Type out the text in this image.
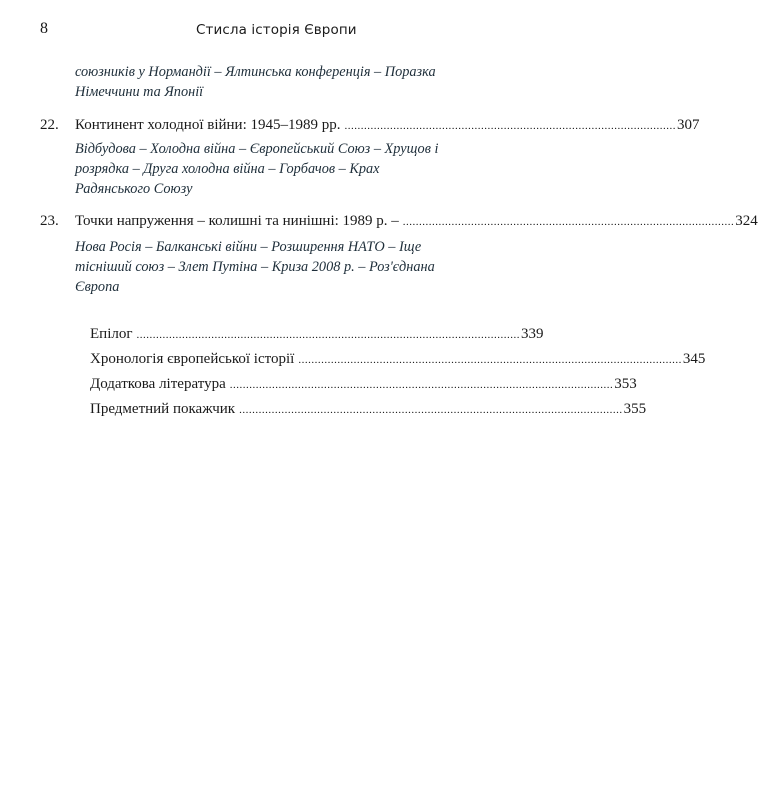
8	Стисла історія Європи
союзників у Нормандії – Ялтинська конференція – Поразка Німеччини та Японії
22. Континент холодної війни: 1945–1989 рр. ...................................................................................................... 307
Відбудова – Холодна війна – Європейський Союз – Хрущов і розрядка – Друга холодна війна – Горбачов – Крах Радянського Союзу
23. Точки напруження – колишні та нинішні: 1989 р. – ...................................................................................................... 324
Нова Росія – Балканські війни – Розширення НАТО – Іще тісніший союз – Злет Путіна – Криза 2008 р. – Роз'єднана Європа
Епілог ...................................................................................................................... 339
Хронологія європейської історії ...................................................................................................................... 345
Додаткова література ...................................................................................................................... 353
Предметний покажчик ...................................................................................................................... 355
